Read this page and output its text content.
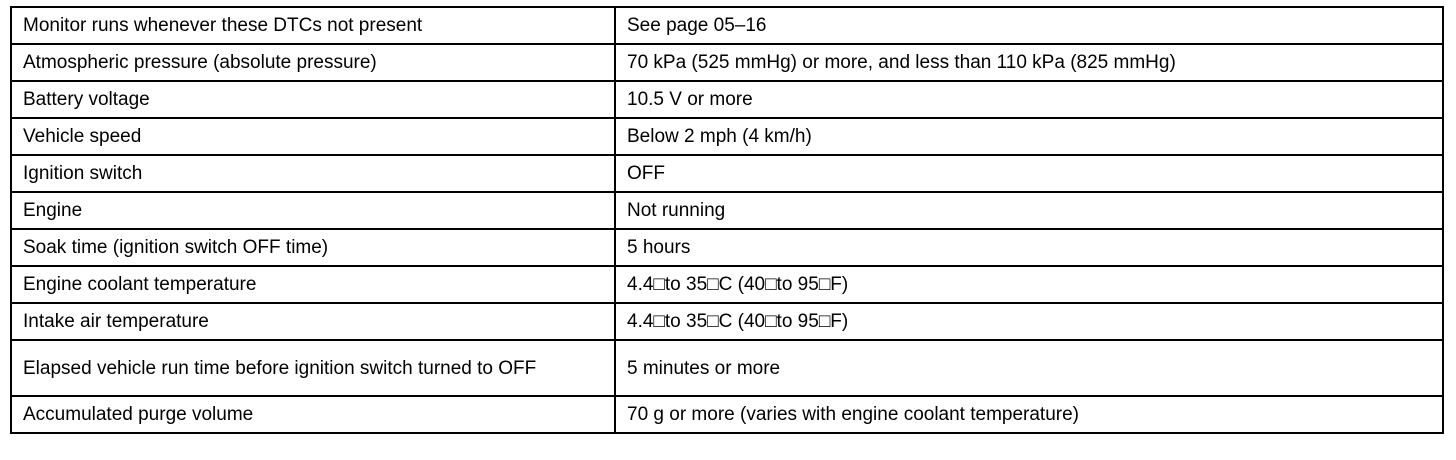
Monitor runs whenever these DTCs not present	See page 05–16
Atmospheric pressure (absolute pressure)	70 kPa (525 mmHg) or more, and less than 110 kPa (825 mmHg)
Battery voltage	10.5 V or more
Vehicle speed	Below 2 mph (4 km/h)
Ignition switch	OFF
Engine	Not running
Soak time (ignition switch OFF time)	5 hours
Engine coolant temperature	4.4□to 35□C (40□to 95□F)
Intake air temperature	4.4□to 35□C (40□to 95□F)
Elapsed vehicle run time before ignition switch turned to OFF	5 minutes or more
Accumulated purge volume	70 g or more (varies with engine coolant temperature)
